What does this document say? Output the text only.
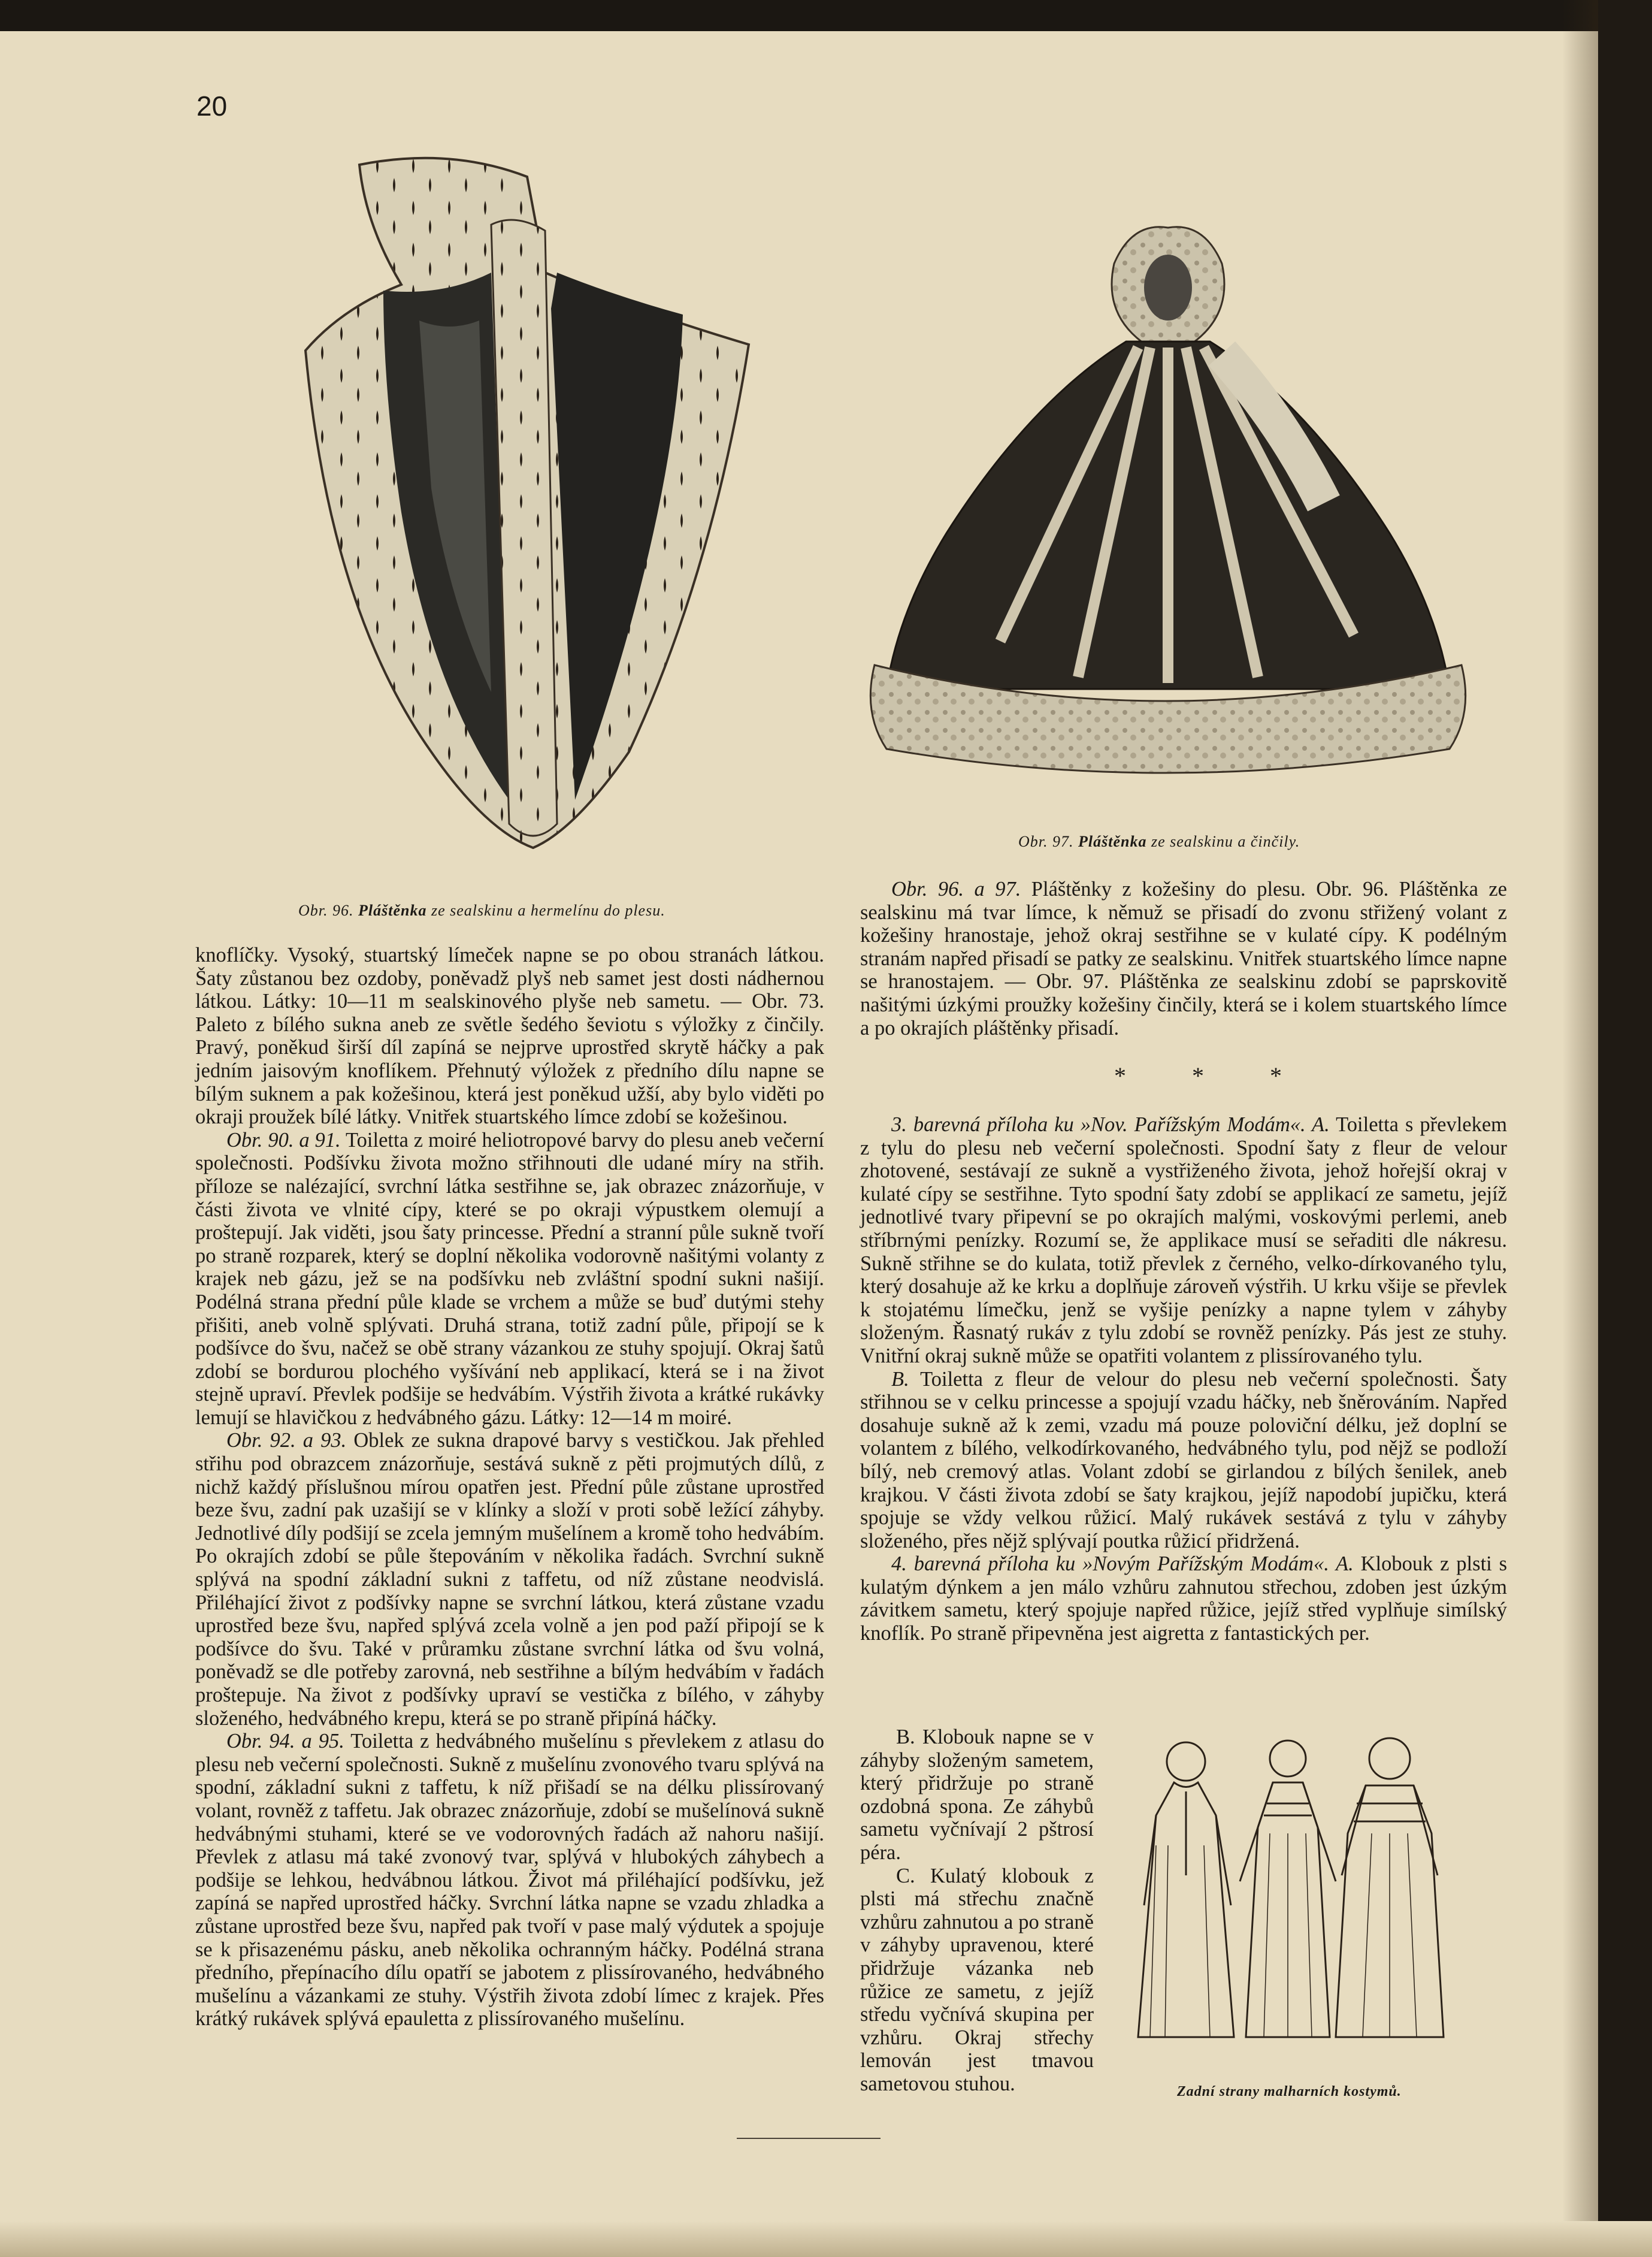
20
Obr. 96. Pláštěnka ze sealskinu a hermelínu do plesu.
Obr. 97. Pláštěnka ze sealskinu a činčily.

knoflíčky. Vysoký, stuartský límeček napne se po obou stranách látkou. Šaty zůstanou bez ozdoby, poněvadž plyš neb samet jest dosti nádhernou látkou. Látky: 10—11 m sealskinového plyše neb sametu. — Obr. 73. Paleto z bílého sukna aneb ze světle šedého ševiotu s výložky z činčily. Pravý, poněkud širší díl zapíná se nejprve uprostřed skrytě háčky a pak jedním jaisovým knoflíkem. Přehnutý výložek z předního dílu napne se bílým suknem a pak kožešinou, která jest poněkud užší, aby bylo viděti po okraji proužek bílé látky. Vnitřek stuartského límce zdobí se kožešinou.

Obr. 90. a 91. Toiletta z moiré heliotropové barvy do plesu aneb večerní společnosti. Podšívku života možno střihnouti dle udané míry na střih. příloze se nalézající, svrchní látka sestřihne se, jak obrazec znázorňuje, v části života ve vlnité cípy, které se po okraji výpustkem olemují a proštepují. Jak viděti, jsou šaty princesse. Přední a stranní půle sukně tvoří po straně rozparek, který se doplní několika vodorovně našitými volanty z krajek neb gázu, jež se na podšívku neb zvláštní spodní sukni našijí. Podélná strana přední půle klade se vrchem a může se buď dutými stehy přišiti, aneb volně splývati. Druhá strana, totiž zadní půle, připojí se k podšívce do švu, načež se obě strany vázankou ze stuhy spojují. Okraj šatů zdobí se bordurou plochého vyšívání neb applikací, která se i na život stejně upraví. Převlek podšije se hedvábím. Výstřih života a krátké rukávky lemují se hlavičkou z hedvábného gázu. Látky: 12—14 m moiré.

Obr. 92. a 93. Oblek ze sukna drapové barvy s vestičkou. Jak přehled střihu pod obrazcem znázorňuje, sestává sukně z pěti projmutých dílů, z nichž každý příslušnou mírou opatřen jest. Přední půle zůstane uprostřed beze švu, zadní pak uzašijí se v klínky a složí v proti sobě ležící záhyby. Jednotlivé díly podšijí se zcela jemným mušelínem a kromě toho hedvábím. Po okrajích zdobí se půle štepováním v několika řadách. Svrchní sukně splývá na spodní základní sukni z taffetu, od níž zůstane neodvislá. Přiléhající život z podšívky napne se svrchní látkou, která zůstane vzadu uprostřed beze švu, napřed splývá zcela volně a jen pod paží připojí se k podšívce do švu. Také v průramku zůstane svrchní látka od švu volná, poněvadž se dle potřeby zarovná, neb sestřihne a bílým hedvábím v řadách proštepuje. Na život z podšívky upraví se vestička z bílého, v záhyby složeného, hedvábného krepu, která se po straně připíná háčky.

Obr. 94. a 95. Toiletta z hedvábného mušelínu s převlekem z atlasu do plesu neb večerní společnosti. Sukně z mušelínu zvonového tvaru splývá na spodní, základní sukni z taffetu, k níž přišadí se na délku plissírovaný volant, rovněž z taffetu. Jak obrazec znázorňuje, zdobí se mušelínová sukně hedvábnými stuhami, které se ve vodorovných řadách až nahoru našijí. Převlek z atlasu má také zvonový tvar, splývá v hlubokých záhybech a podšije se lehkou, hedvábnou látkou. Život má přiléhající podšívku, jež zapíná se napřed uprostřed háčky. Svrchní látka napne se vzadu zhladka a zůstane uprostřed beze švu, napřed pak tvoří v pase malý výdutek a spojuje se k přisazenému pásku, aneb několika ochranným háčky. Podélná strana předního, přepínacího dílu opatří se jabotem z plissírovaného, hedvábného mušelínu a vázankami ze stuhy. Výstřih života zdobí límec z krajek. Přes krátký rukávek splývá epauletta z plissírovaného mušelínu.

Obr. 96. a 97. Pláštěnky z kožešiny do plesu. Obr. 96. Pláštěnka ze sealskinu má tvar límce, k němuž se přisadí do zvonu střižený volant z kožešiny hranostaje, jehož okraj sestřihne se v kulaté cípy. K podélným stranám napřed přisadí se patky ze sealskinu. Vnitřek stuartského límce napne se hranostajem. — Obr. 97. Pláštěnka ze sealskinu zdobí se paprskovitě našitými úzkými proužky kožešiny činčily, která se i kolem stuartského límce a po okrajích pláštěnky přisadí.

* * *

3. barevná příloha ku »Nov. Pařížským Modám«. A. Toiletta s převlekem z tylu do plesu neb večerní společnosti. Spodní šaty z fleur de velour zhotovené, sestávají ze sukně a vystřiženého života, jehož hořejší okraj v kulaté cípy se sestřihne. Tyto spodní šaty zdobí se applikací ze sametu, jejíž jednotlivé tvary připevní se po okrajích malými, voskovými perlemi, aneb stříbrnými penízky. Rozumí se, že applikace musí se seřaditi dle nákresu. Sukně střihne se do kulata, totiž převlek z černého, velko-dírkovaného tylu, který dosahuje až ke krku a doplňuje zároveň výstřih. U krku všije se převlek k stojatému límečku, jenž se vyšije penízky a napne tylem v záhyby složeným. Řasnatý rukáv z tylu zdobí se rovněž penízky. Pás jest ze stuhy. Vnitřní okraj sukně může se opatřiti volantem z plissírovaného tylu.

B. Toiletta z fleur de velour do plesu neb večerní společnosti. Šaty střihnou se v celku princesse a spojují vzadu háčky, neb šněrováním. Napřed dosahuje sukně až k zemi, vzadu má pouze poloviční délku, jež doplní se volantem z bílého, velkodírkovaného, hedvábného tylu, pod nějž se podloží bílý, neb cremový atlas. Volant zdobí se girlandou z bílých šenilek, aneb krajkou. V části života zdobí se šaty krajkou, jejíž napodobí jupičku, která spojuje se vždy velkou růžicí. Malý rukávek sestává z tylu v záhyby složeného, přes nějž splývají poutka růžicí přidržená.

4. barevná příloha ku »Novým Pařížským Modám«. A. Klobouk z plsti s kulatým dýnkem a jen málo vzhůru zahnutou střechou, zdoben jest úzkým závitkem sametu, který spojuje napřed růžice, jejíž střed vyplňuje simílský knoflík. Po straně připevněna jest aigretta z fantastických per.

B. Klobouk napne se v záhyby složeným sametem, který přidržuje po straně ozdobná spona. Ze záhybů sametu vyčnívají 2 pštrosí péra.

C. Kulatý klobouk z plsti má střechu značně vzhůru zahnutou a po straně v záhyby upravenou, které přidržuje vázanka neb růžice ze sametu, z jejíž středu vyčnívá skupina per vzhůru. Okraj střechy lemován jest tmavou sametovou stuhou.	Zadní strany malharních kostymů.
